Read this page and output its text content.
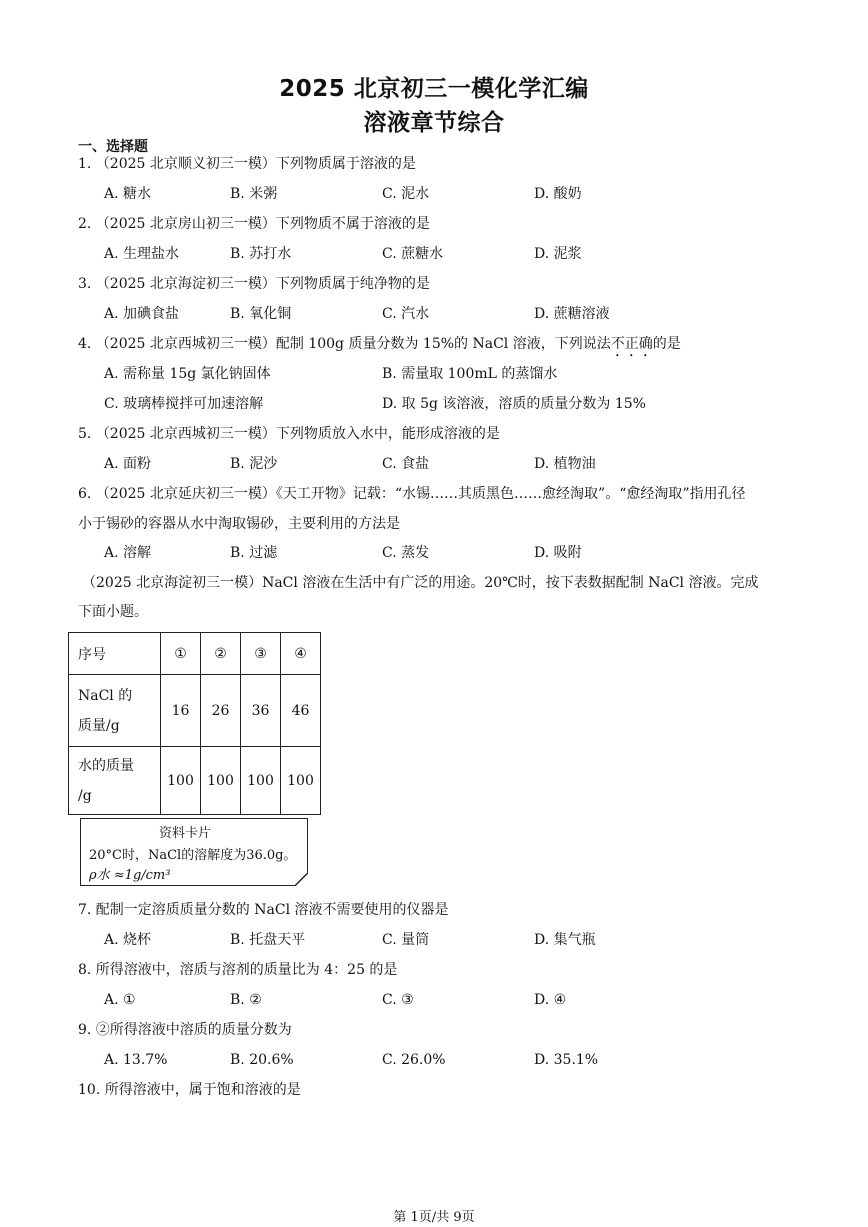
2025 北京初三一模化学汇编
溶液章节综合
一、选择题
1. （2025 北京顺义初三一模）下列物质属于溶液的是
A. 糖水	B. 米粥	C. 泥水	D. 酸奶
2. （2025 北京房山初三一模）下列物质不属于溶液的是
A. 生理盐水	B. 苏打水	C. 蔗糖水	D. 泥浆
3. （2025 北京海淀初三一模）下列物质属于纯净物的是
A. 加碘食盐	B. 氧化铜	C. 汽水	D. 蔗糖溶液
4. （2025 北京西城初三一模）配制 100g 质量分数为 15%的 NaCl 溶液，下列说法不正确的是
A. 需称量 15g 氯化钠固体	B. 需量取 100mL 的蒸馏水
C. 玻璃棒搅拌可加速溶解	D. 取 5g 该溶液，溶质的质量分数为 15%
5. （2025 北京西城初三一模）下列物质放入水中，能形成溶液的是
A. 面粉	B. 泥沙	C. 食盐	D. 植物油
6. （2025 北京延庆初三一模）《天工开物》记载：“水锡……其质黑色……愈经淘取”。“愈经淘取”指用孔径
小于锡砂的容器从水中淘取锡砂，主要利用的方法是
A. 溶解	B. 过滤	C. 蒸发	D. 吸附
（2025 北京海淀初三一模）NaCl 溶液在生活中有广泛的用途。20℃时，按下表数据配制 NaCl 溶液。完成
下面小题。
序号	①	②	③	④

NaCl 的
质量/g	16	26	36	46

水的质量
/g	100	100	100	100
资料卡片
20°C时，NaCl的溶解度为36.0g。
ρ水 ≈1g/cm³
7. 配制一定溶质质量分数的 NaCl 溶液不需要使用的仪器是
A. 烧杯	B. 托盘天平	C. 量筒	D. 集气瓶
8. 所得溶液中，溶质与溶剂的质量比为 4：25 的是
A. ①	B. ②	C. ③	D. ④
9. ②所得溶液中溶质的质量分数为
A. 13.7%	B. 20.6%	C. 26.0%	D. 35.1%
10. 所得溶液中，属于饱和溶液的是
第 1页/共 9页
